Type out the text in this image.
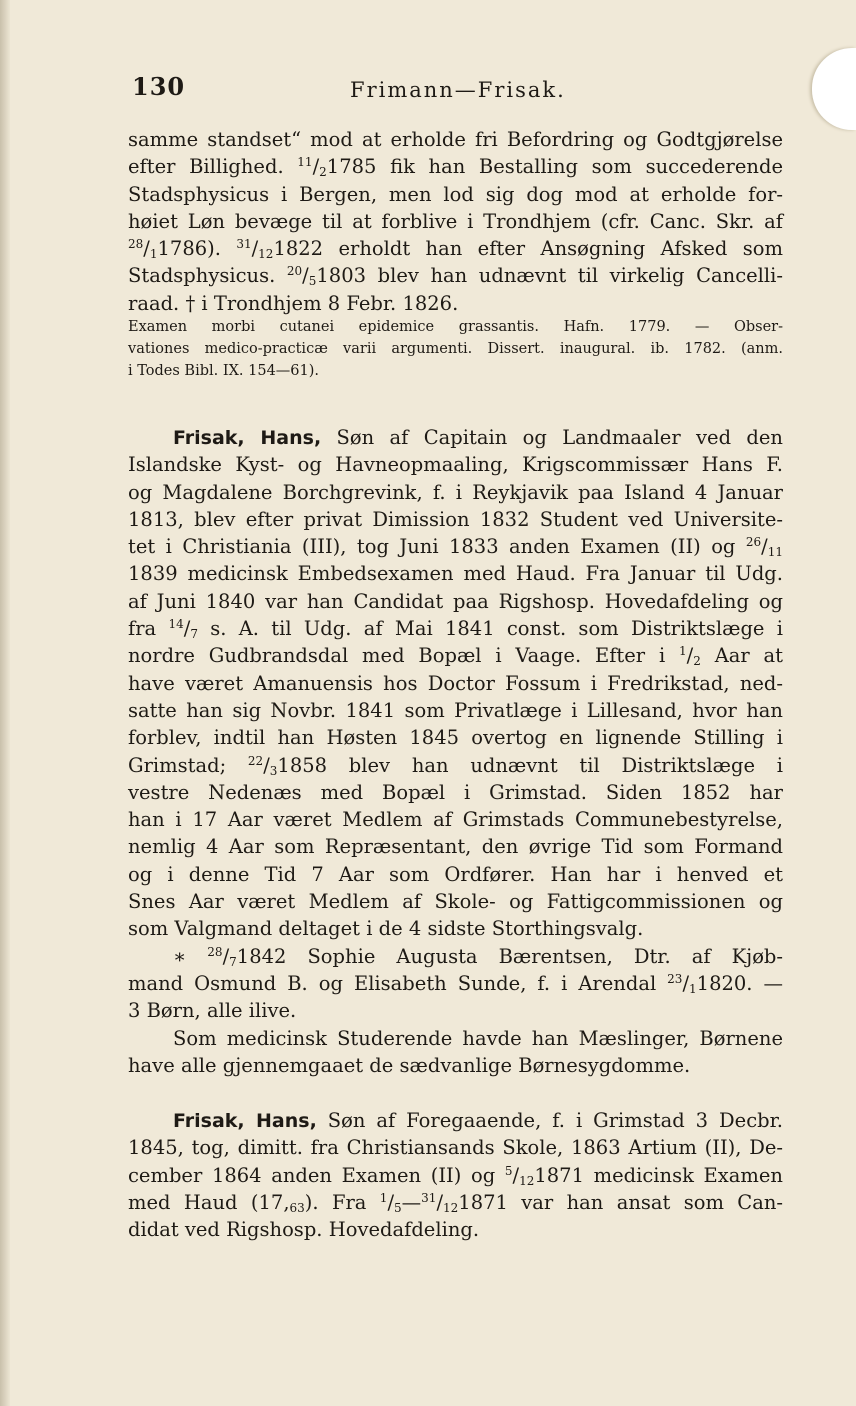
130	Frimann—Frisak.
samme standset“ mod at erholde fri Befordring og Godtgjørelse
efter Billighed. $^{11}/_21785$ fik han Bestalling som succederende
Stadsphysicus i Bergen, men lod sig dog mod at erholde for-
høiet Løn bevæge til at forblive i Trondhjem (cfr. Canc. Skr. af
$^{28}/_11786$). $^{31}/_{12}1822$ erholdt han efter Ansøgning Afsked som
Stadsphysicus. $^{20}/_51803$ blev han udnævnt til virkelig Cancelli-
raad. † i Trondhjem 8 Febr. 1826.
Examen morbi cutanei epidemice grassantis. Hafn. 1779. — Obser-
vationes medico-practicæ varii argumenti. Dissert. inaugural. ib. 1782. (anm.
i Todes Bibl. IX. 154—61).
Frisak, Hans, Søn af Capitain og Landmaaler ved den
Islandske Kyst- og Havneopmaaling, Krigscommissær Hans F.
og Magdalene Borchgrevink, f. i Reykjavik paa Island 4 Januar
1813, blev efter privat Dimission 1832 Student ved Universite-
tet i Christiania (III), tog Juni 1833 anden Examen (II) og $^{26}/_{11}$
1839 medicinsk Embedsexamen med Haud. Fra Januar til Udg.
af Juni 1840 var han Candidat paa Rigshosp. Hovedafdeling og
fra $^{14}/_7$ s. A. til Udg. af Mai 1841 const. som Distriktslæge i
nordre Gudbrandsdal med Bopæl i Vaage. Efter i $^1/_2$ Aar at
have været Amanuensis hos Doctor Fossum i Fredrikstad, ned-
satte han sig Novbr. 1841 som Privatlæge i Lillesand, hvor han
forblev, indtil han Høsten 1845 overtog en lignende Stilling i
Grimstad; $^{22}/_31858$ blev han udnævnt til Distriktslæge i
vestre Nedenæs med Bopæl i Grimstad. Siden 1852 har
han i 17 Aar været Medlem af Grimstads Communebestyrelse,
nemlig 4 Aar som Repræsentant, den øvrige Tid som Formand
og i denne Tid 7 Aar som Ordfører. Han har i henved et
Snes Aar været Medlem af Skole- og Fattigcommissionen og
som Valgmand deltaget i de 4 sidste Storthingsvalg.
∗ $^{28}/_71842$ Sophie Augusta Bærentsen, Dtr. af Kjøb-
mand Osmund B. og Elisabeth Sunde, f. i Arendal $^{23}/_11820$. —
3 Børn, alle ilive.
Som medicinsk Studerende havde han Mæslinger, Børnene
have alle gjennemgaaet de sædvanlige Børnesygdomme.
Frisak, Hans, Søn af Foregaaende, f. i Grimstad 3 Decbr.
1845, tog, dimitt. fra Christiansands Skole, 1863 Artium (II), De-
cember 1864 anden Examen (II) og $^5/_{12}1871$ medicinsk Examen
med Haud $(17,_{63})$. Fra $^1/_5—^{31}/_{12}1871$ var han ansat som Can-
didat ved Rigshosp. Hovedafdeling.
